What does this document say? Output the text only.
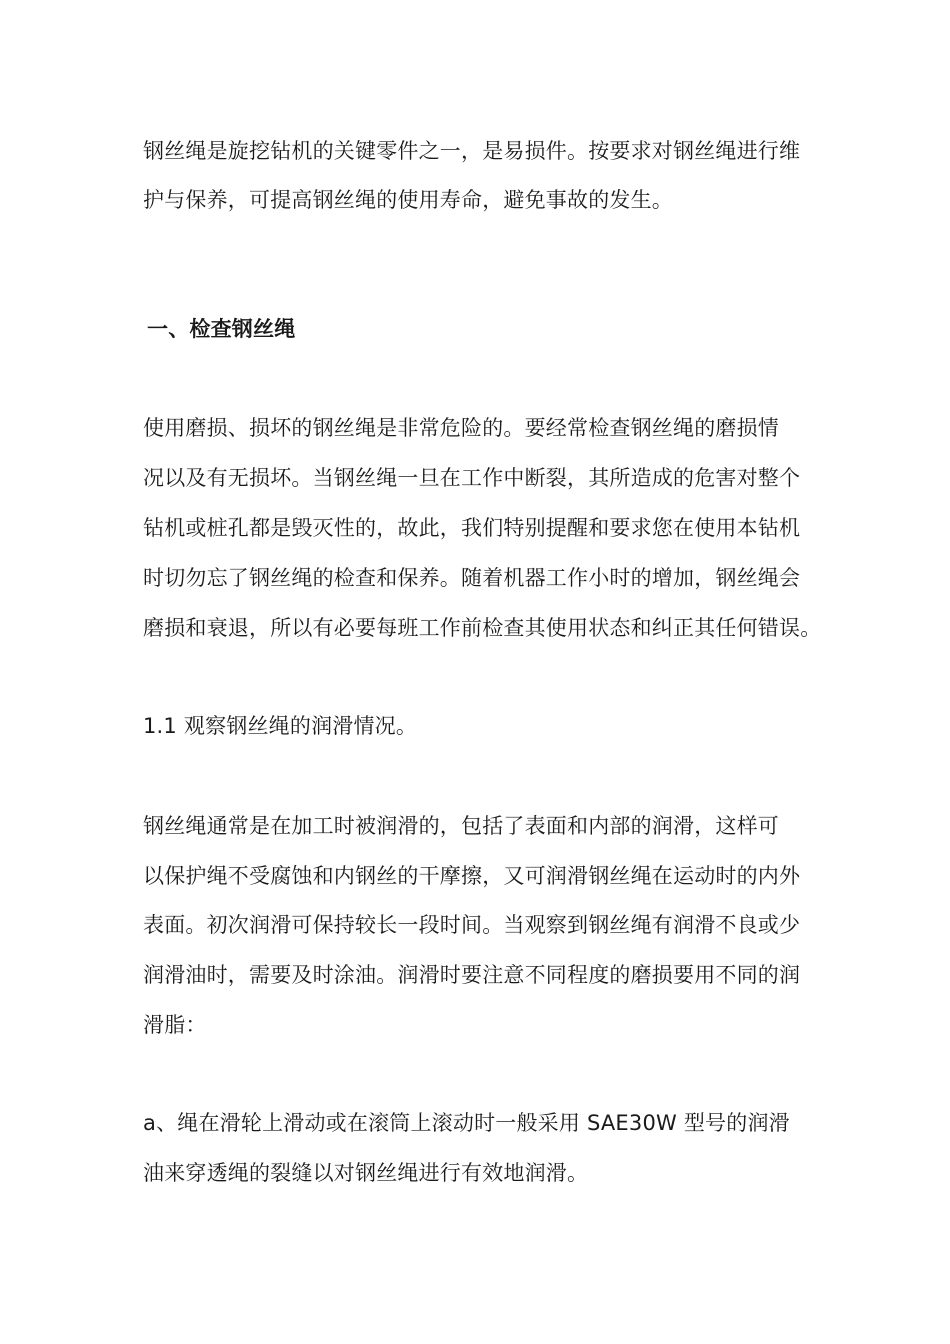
钢丝绳是旋挖钻机的关键零件之一，是易损件。按要求对钢丝绳进行维
护与保养，可提高钢丝绳的使用寿命，避免事故的发生。
一、检查钢丝绳
使用磨损、损坏的钢丝绳是非常危险的。要经常检查钢丝绳的磨损情
况以及有无损坏。当钢丝绳一旦在工作中断裂，其所造成的危害对整个
钻机或桩孔都是毁灭性的，故此，我们特别提醒和要求您在使用本钻机
时切勿忘了钢丝绳的检查和保养。随着机器工作小时的增加，钢丝绳会
磨损和衰退，所以有必要每班工作前检查其使用状态和纠正其任何错误。
1.1 观察钢丝绳的润滑情况。
钢丝绳通常是在加工时被润滑的，包括了表面和内部的润滑，这样可
以保护绳不受腐蚀和内钢丝的干摩擦，又可润滑钢丝绳在运动时的内外
表面。初次润滑可保持较长一段时间。当观察到钢丝绳有润滑不良或少
润滑油时，需要及时涂油。润滑时要注意不同程度的磨损要用不同的润
滑脂：
a、绳在滑轮上滑动或在滚筒上滚动时一般采用 SAE30W 型号的润滑
油来穿透绳的裂缝以对钢丝绳进行有效地润滑。
